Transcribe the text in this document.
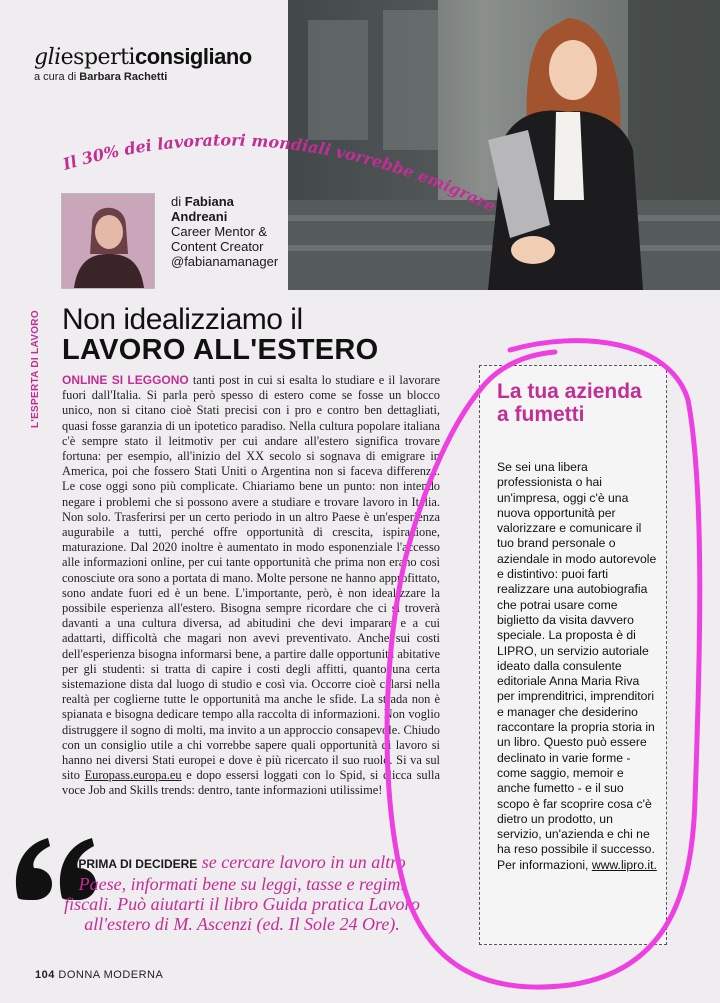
gliesperticonsigliano
a cura di Barbara Rachetti
Il 30% dei lavoratori mondiali vorrebbe emigrare
di Fabiana
Andreani
Career Mentor &
Content Creator
@fabianamanager
L'ESPERTA DI LAVORO Non idealizziamo il
LAVORO ALL'ESTERO
ONLINE SI LEGGONO tanti post in cui si esalta lo studiare e il lavorare fuori dall'Italia. Si parla però spesso di estero come se fosse un blocco unico, non si citano cioè Stati precisi con i pro e contro ben dettagliati, quasi fosse garanzia di un ipotetico paradiso. Nella cultura popolare italiana c'è sempre stato il leitmotiv per cui andare all'estero significa trovare fortuna: per esempio, all'inizio del XX secolo si sognava di emigrare in America, poi che fossero Stati Uniti o Argentina non si faceva differenza. Le cose oggi sono più complicate. Chiariamo bene un punto: non intendo negare i problemi che si possono avere a studiare e trovare lavoro in Italia. Non solo. Trasferirsi per un certo periodo in un altro Paese è un'esperienza augurabile a tutti, perché offre opportunità di crescita, ispirazione, maturazione. Dal 2020 inoltre è aumentato in modo esponenziale l'accesso alle informazioni online, per cui tante opportunità che prima non erano così conosciute ora sono a portata di mano. Molte persone ne hanno approfittato, sono andate fuori ed è un bene. L'importante, però, è non idealizzare la possibile esperienza all'estero. Bisogna sempre ricordare che ci si troverà davanti a una cultura diversa, ad abitudini che devi imparare e a cui adattarti, difficoltà che magari non avevi preventivato. Anche sui costi dell'esperienza bisogna informarsi bene, a partire dalle opportunità abitative per gli studenti: si tratta di capire i costi degli affitti, quanto una certa sistemazione dista dal luogo di studio e così via. Occorre cioè calarsi nella realtà per coglierne tutte le opportunità ma anche le sfide. La strada non è spianata e bisogna dedicare tempo alla raccolta di informazioni. Non voglio distruggere il sogno di molti, ma invito a un approccio consapevole. Chiudo con un consiglio utile a chi vorrebbe sapere quali opportunità di lavoro si hanno nei diversi Stati europei e dove è più ricercato il suo ruolo. Si va sul sito Europass.europa.eu e dopo essersi loggati con lo Spid, si clicca sulla voce Job and Skills trends: dentro, tante informazioni utilissime!
La tua azienda a fumetti
Se sei una libera professionista o hai un'impresa, oggi c'è una nuova opportunità per valorizzare e comunicare il tuo brand personale o aziendale in modo autorevole e distintivo: puoi farti realizzare una autobiografia che potrai usare come biglietto da visita davvero speciale. La proposta è di LIPRO, un servizio autoriale ideato dalla consulente editoriale Anna Maria Riva per imprenditrici, imprenditori e manager che desiderino raccontare la propria storia in un libro. Questo può essere declinato in varie forme - come saggio, memoir e anche fumetto - e il suo scopo è far scoprire cosa c'è dietro un prodotto, un servizio, un'azienda e chi ne ha reso possibile il successo. Per informazioni, www.lipro.it.
PRIMA DI DECIDERE se cercare lavoro in un altro Paese, informati bene su leggi, tasse e regimi fiscali. Può aiutarti il libro Guida pratica Lavoro all'estero di M. Ascenzi (ed. Il Sole 24 Ore).
104 DONNA MODERNA
